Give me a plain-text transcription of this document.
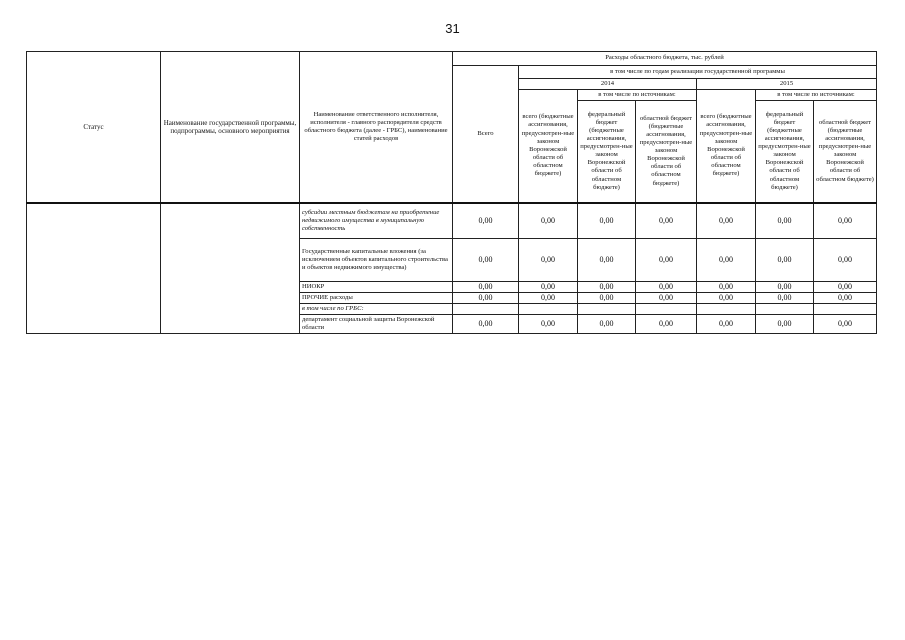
31
Статус	Наименование государственной программы, подпрограммы, основного мероприятия	Наименование ответственного исполнителя, исполнителя - главного распорядителя средств областного бюджета (далее - ГРБС), наименование статей расходов	Расходы областного бюджета, тыс. рублей						
			Всего	в том числе по годам реализации государственной программы					
				2014			2015		
				всего (бюджетные ассигнования, предусмотрен-ные законом Воронежской области об областном бюджете)	в том числе по источникам:		всего (бюджетные ассигнования, предусмотрен-ные законом Воронежской области об областном бюджете)	в том числе по источникам:	
					федеральный бюджет (бюджетные ассигнования, предусмотрен-ные законом Воронежской области об областном бюджете)	областной бюджет (бюджетные ассигнования, предусмотрен-ные законом Воронежской области об областном бюджете)		федеральный бюджет (бюджетные ассигнования, предусмотрен-ные законом Воронежской области об областном бюджете)	областной бюджет (бюджетные ассигнования, предусмотрен-ные законом Воронежской области об областном бюджете)
		субсидии местным бюджетам на приобретение недвижимого имущества в муниципальную собственность	0,00	0,00	0,00	0,00	0,00	0,00	0,00
		Государственные капитальные вложения (за исключением объектов капитального строительства и объектов недвижимого имущества)	0,00	0,00	0,00	0,00	0,00	0,00	0,00
		НИОКР	0,00	0,00	0,00	0,00	0,00	0,00	0,00
		ПРОЧИЕ расходы	0,00	0,00	0,00	0,00	0,00	0,00	0,00
		в том числе по ГРБС:							
		департамент социальной защиты Воронежской области	0,00	0,00	0,00	0,00	0,00	0,00	0,00
